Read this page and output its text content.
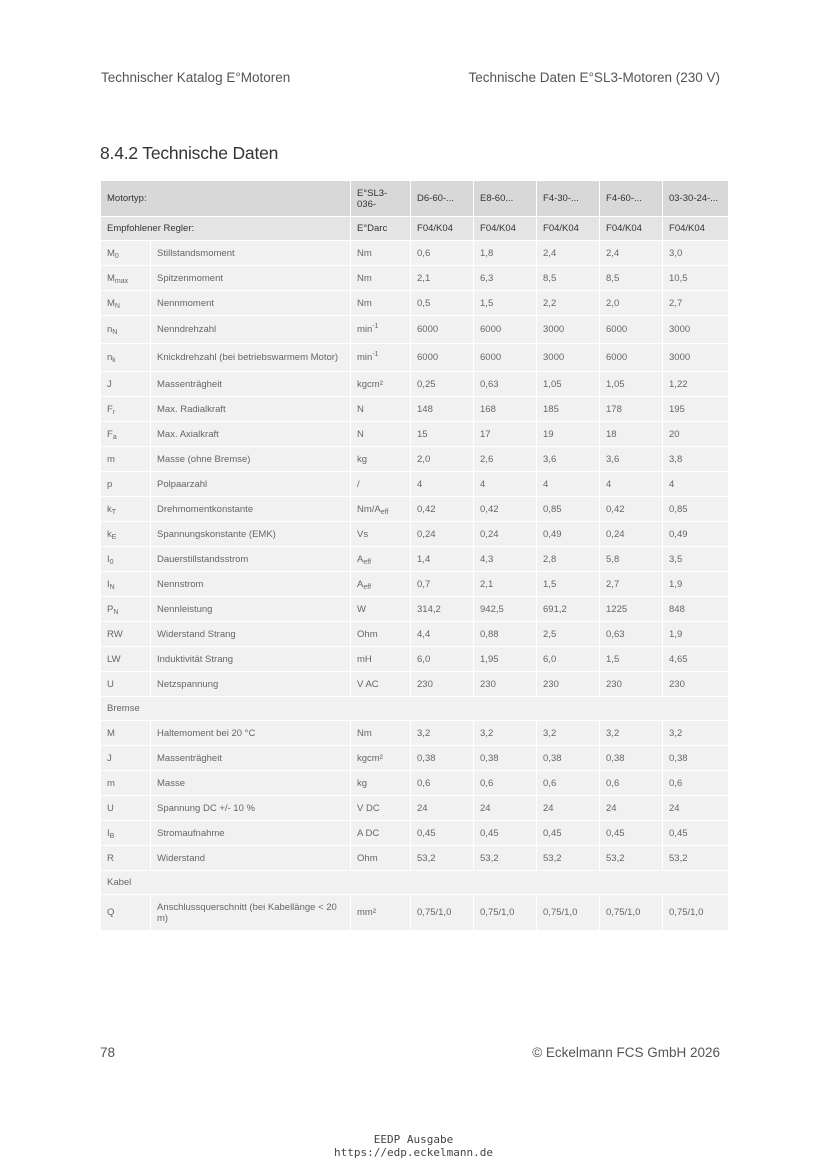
Technischer Katalog E°Motoren	Technische Daten E°SL3-Motoren (230 V)
8.4.2 Technische Daten
Motortyp:		E°SL3-036-	D6-60-...	E8-60...	F4-30-...	F4-60-...	03-30-24-...
Empfohlener Regler:		E°Darc	F04/K04	F04/K04	F04/K04	F04/K04	F04/K04
$M_0$	Stillstandsmoment	Nm	0,6	1,8	2,4	2,4	3,0
$M_{max}$	Spitzenmoment	Nm	2,1	6,3	8,5	8,5	10,5
$M_N$	Nennmoment	Nm	0,5	1,5	2,2	2,0	2,7
$n_N$	Nenndrehzahl	$\min^{-1}$	6000	6000	3000	6000	3000
$n_k$	Knickdrehzahl (bei betriebswarmem Motor)	$\min^{-1}$	6000	6000	3000	6000	3000
J	Massenträgheit	kgcm²	0,25	0,63	1,05	1,05	1,22
$F_r$	Max. Radialkraft	N	148	168	185	178	195
$F_a$	Max. Axialkraft	N	15	17	19	18	20
m	Masse (ohne Bremse)	kg	2,0	2,6	3,6	3,6	3,8
p	Polpaarzahl	/	4	4	4	4	4
$k_T$	Drehmomentkonstante	$Nm/A_{eff}$	0,42	0,42	0,85	0,42	0,85
$k_E$	Spannungskonstante (EMK)	Vs	0,24	0,24	0,49	0,24	0,49
$I_0$	Dauerstillstandsstrom	$A_{eff}$	1,4	4,3	2,8	5,8	3,5
$I_N$	Nennstrom	$A_{eff}$	0,7	2,1	1,5	2,7	1,9
$P_N$	Nennleistung	W	314,2	942,5	691,2	1225	848
RW	Widerstand Strang	Ohm	4,4	0,88	2,5	0,63	1,9
LW	Induktivität Strang	mH	6,0	1,95	6,0	1,5	4,65
U	Netzspannung	V AC	230	230	230	230	230
Bremse							
M	Haltemoment bei 20 °C	Nm	3,2	3,2	3,2	3,2	3,2
J	Massenträgheit	kgcm²	0,38	0,38	0,38	0,38	0,38
m	Masse	kg	0,6	0,6	0,6	0,6	0,6
U	Spannung DC +/- 10 %	V DC	24	24	24	24	24
$I_B$	Stromaufnahme	A DC	0,45	0,45	0,45	0,45	0,45
R	Widerstand	Ohm	53,2	53,2	53,2	53,2	53,2
Kabel							
Q	Anschlussquerschnitt (bei Kabellänge < 20 m)	mm²	0,75/1,0	0,75/1,0	0,75/1,0	0,75/1,0	0,75/1,0
78	© Eckelmann FCS GmbH 2026
EEDP Ausgabe
https://edp.eckelmann.de
